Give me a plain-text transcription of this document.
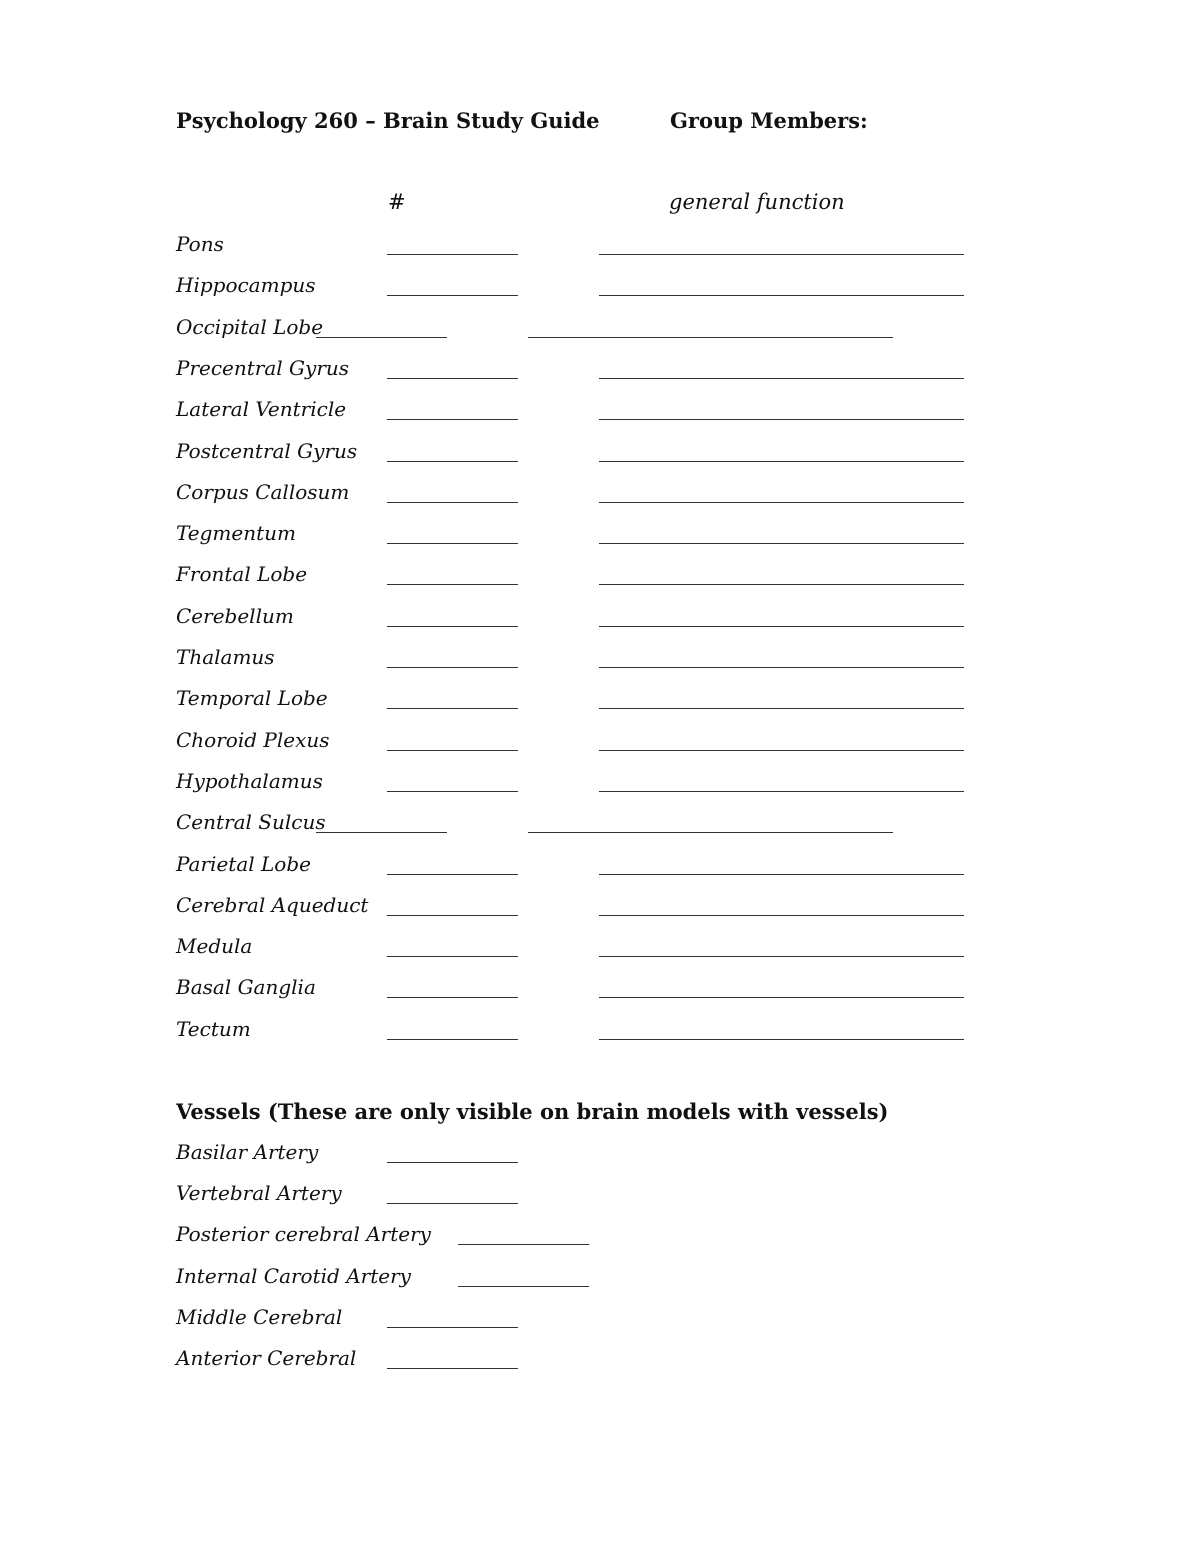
Psychology 260 – Brain Study Guide	Group Members:
#	general function
Pons
Hippocampus
Occipital Lobe
Precentral Gyrus
Lateral Ventricle
Postcentral Gyrus
Corpus Callosum
Tegmentum
Frontal Lobe
Cerebellum
Thalamus
Temporal Lobe
Choroid Plexus
Hypothalamus
Central Sulcus
Parietal Lobe
Cerebral Aqueduct
Medula
Basal Ganglia
Tectum
Vessels (These are only visible on brain models with vessels)
Basilar Artery
Vertebral Artery
Posterior cerebral Artery
Internal Carotid Artery
Middle Cerebral
Anterior Cerebral
